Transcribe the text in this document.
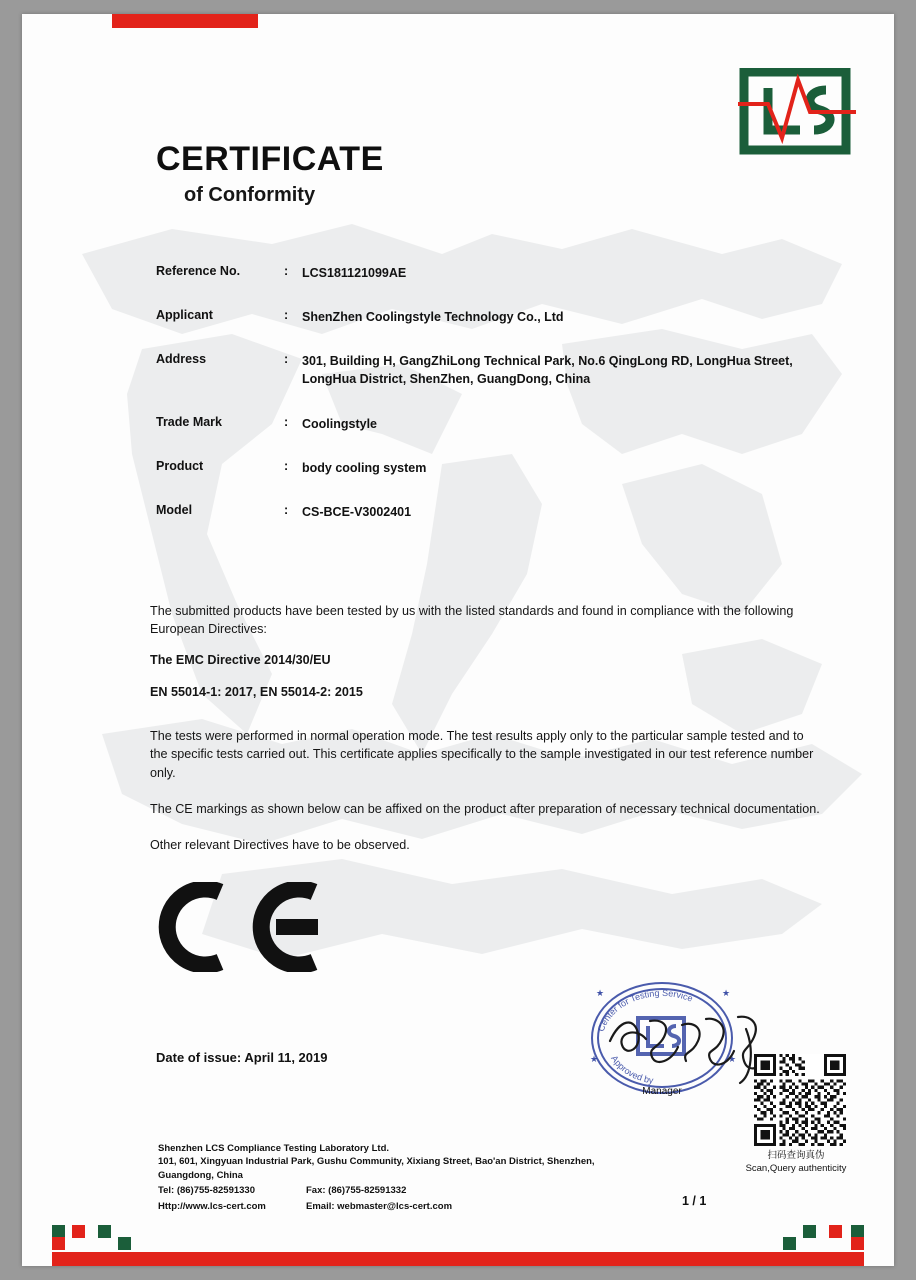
CERTIFICATE
of Conformity
Reference No.	:	LCS181121099AE
Applicant	:	ShenZhen Coolingstyle Technology Co., Ltd
Address	:	301, Building H, GangZhiLong Technical Park, No.6 QingLong RD, LongHua Street, LongHua District, ShenZhen, GuangDong, China
Trade Mark	:	Coolingstyle
Product	:	body cooling system
Model	:	CS-BCE-V3002401
The submitted products have been tested by us with the listed standards and found in compliance with the following European Directives:
The EMC Directive 2014/30/EU
EN 55014-1: 2017, EN 55014-2: 2015
The tests were performed in normal operation mode. The test results apply only to the particular sample tested and to the specific tests carried out. This certificate applies specifically to the sample investigated in our test reference number only.
The CE markings as shown below can be affixed on the product after preparation of necessary technical documentation.
Other relevant Directives have to be observed.
Date of issue: April 11, 2019
Center for Testing Service
Approved by
Manager
★	★
★	★
扫码查询真伪
Scan,Query authenticity
Shenzhen LCS Compliance Testing Laboratory Ltd.
101, 601, Xingyuan Industrial Park, Gushu Community, Xixiang Street, Bao'an District, Shenzhen,
Guangdong, China
Tel: (86)755-82591330	Fax: (86)755-82591332
Http://www.lcs-cert.com	Email: webmaster@lcs-cert.com	1 / 1
